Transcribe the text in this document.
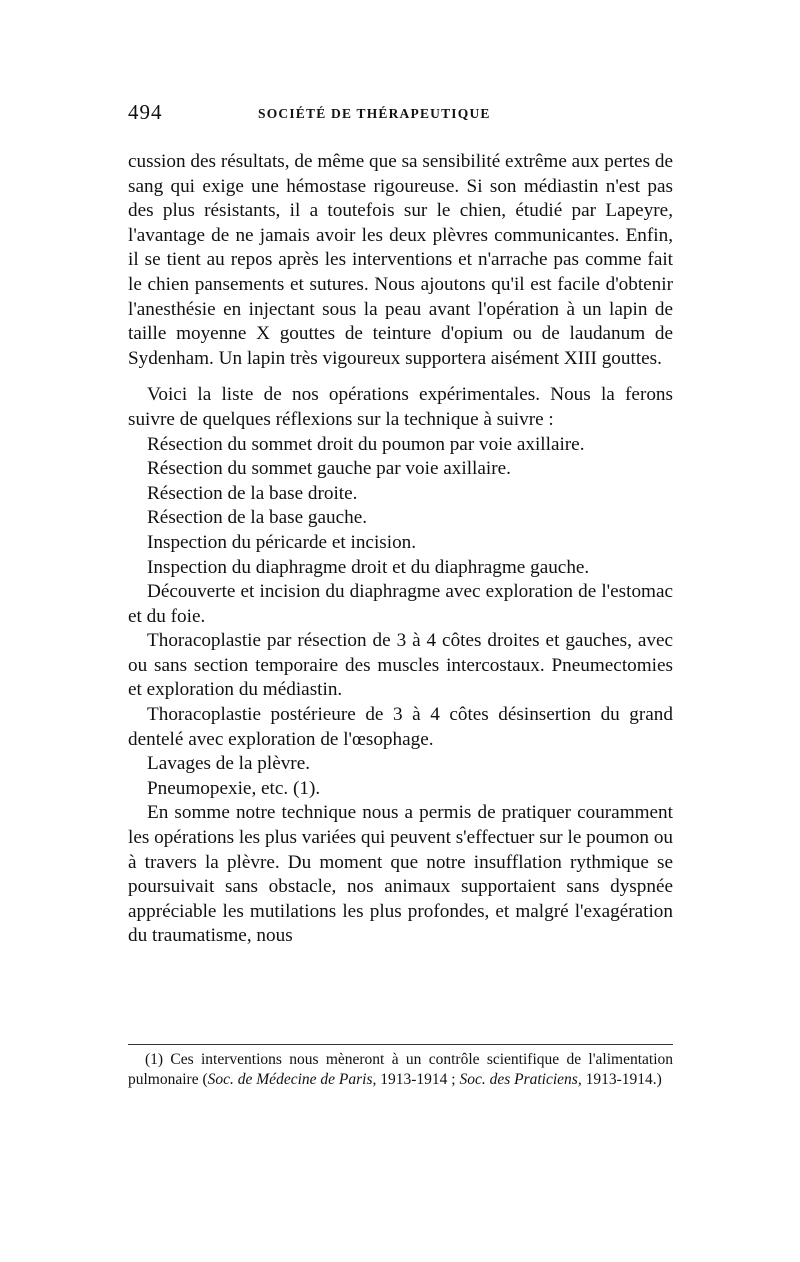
494	SOCIÉTÉ DE THÉRAPEUTIQUE

cussion des résultats, de même que sa sensibilité extrême aux pertes de sang qui exige une hémostase rigoureuse. Si son médiastin n'est pas des plus résistants, il a toutefois sur le chien, étudié par Lapeyre, l'avantage de ne jamais avoir les deux plèvres communicantes. Enfin, il se tient au repos après les interventions et n'arrache pas comme fait le chien pansements et sutures. Nous ajoutons qu'il est facile d'obtenir l'anesthésie en injectant sous la peau avant l'opération à un lapin de taille moyenne X gouttes de teinture d'opium ou de laudanum de Sydenham. Un lapin très vigoureux supportera aisément XIII gouttes.

Voici la liste de nos opérations expérimentales. Nous la ferons suivre de quelques réflexions sur la technique à suivre :

Résection du sommet droit du poumon par voie axillaire.

Résection du sommet gauche par voie axillaire.

Résection de la base droite.

Résection de la base gauche.

Inspection du péricarde et incision.

Inspection du diaphragme droit et du diaphragme gauche.

Découverte et incision du diaphragme avec exploration de l'estomac et du foie.

Thoracoplastie par résection de 3 à 4 côtes droites et gauches, avec ou sans section temporaire des muscles intercostaux. Pneumectomies et exploration du médiastin.

Thoracoplastie postérieure de 3 à 4 côtes désinsertion du grand dentelé avec exploration de l'œsophage.

Lavages de la plèvre.

Pneumopexie, etc. (1).

En somme notre technique nous a permis de pratiquer couramment les opérations les plus variées qui peuvent s'effectuer sur le poumon ou à travers la plèvre. Du moment que notre insufflation rythmique se poursuivait sans obstacle, nos animaux supportaient sans dyspnée appréciable les mutilations les plus profondes, et malgré l'exagération du traumatisme, nous

(1) Ces interventions nous mèneront à un contrôle scientifique de l'alimentation pulmonaire (Soc. de Médecine de Paris, 1913-1914 ; Soc. des Praticiens, 1913-1914.)
